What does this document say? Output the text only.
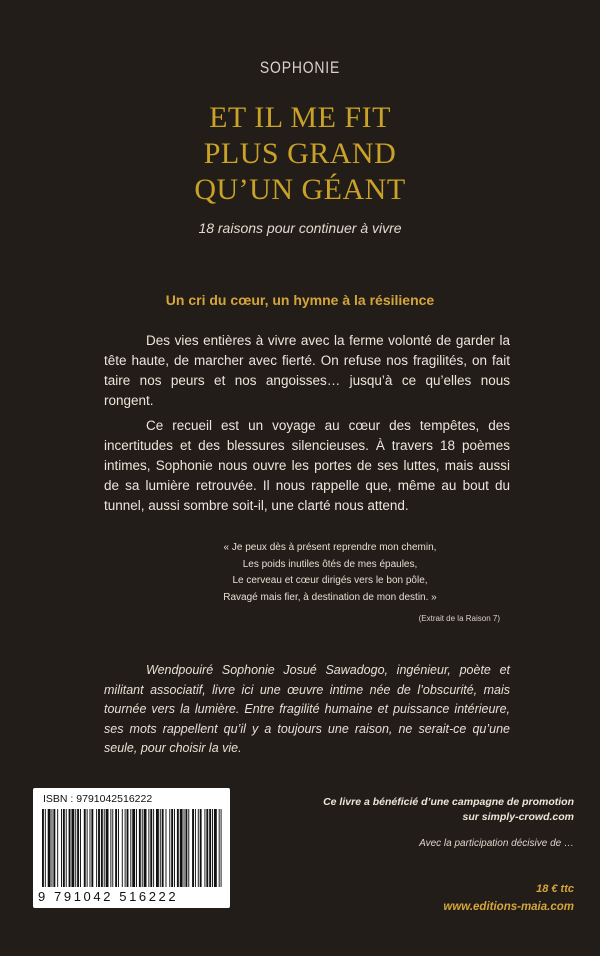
SOPHONIE
ET IL ME FIT
PLUS GRAND
QU’UN GÉANT
18 raisons pour continuer à vivre
Un cri du cœur, un hymne à la résilience

Des vies entières à vivre avec la ferme volonté de garder la tête haute, de marcher avec fierté. On refuse nos fragilités, on fait taire nos peurs et nos angoisses… jusqu’à ce qu’elles nous rongent.

Ce recueil est un voyage au cœur des tempêtes, des incertitudes et des blessures silencieuses. À travers 18 poèmes intimes, Sophonie nous ouvre les portes de ses luttes, mais aussi de sa lumière retrouvée. Il nous rappelle que, même au bout du tunnel, aussi sombre soit-il, une clarté nous attend.

« Je peux dès à présent reprendre mon chemin,
Les poids inutiles ôtés de mes épaules,
Le cerveau et cœur dirigés vers le bon pôle,
Ravagé mais fier, à destination de mon destin. »
(Extrait de la Raison 7)
Wendpouiré Sophonie Josué Sawadogo, ingénieur, poète et militant associatif, livre ici une œuvre intime née de l’obscurité, mais tournée vers la lumière. Entre fragilité humaine et puissance intérieure, ses mots rappellent qu’il y a toujours une raison, ne serait-ce qu’une seule, pour choisir la vie.
ISBN : 9791042516222
9 791042 516222
Ce livre a bénéficié d’une campagne de promotion
sur simply-crowd.com
Avec la participation décisive de …
18 € ttc
www.editions-maia.com
